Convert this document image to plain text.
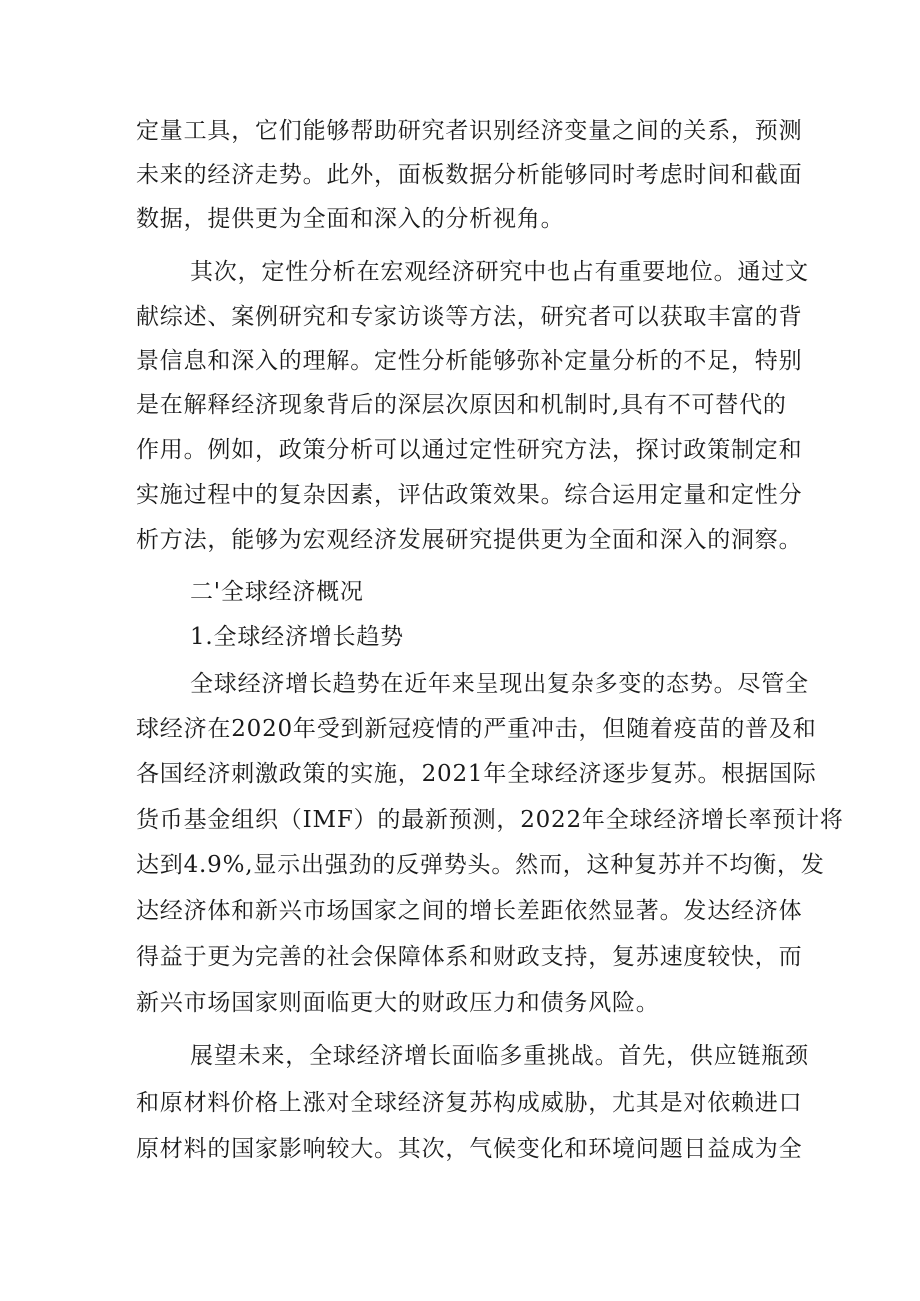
定量工具，它们能够帮助研究者识别经济变量之间的关系，预测
未来的经济走势。此外，面板数据分析能够同时考虑时间和截面
数据，提供更为全面和深入的分析视角。
其次，定性分析在宏观经济研究中也占有重要地位。通过文
献综述、案例研究和专家访谈等方法，研究者可以获取丰富的背
景信息和深入的理解。定性分析能够弥补定量分析的不足，特别
是在解释经济现象背后的深层次原因和机制时,具有不可替代的
作用。例如，政策分析可以通过定性研究方法，探讨政策制定和
实施过程中的复杂因素，评估政策效果。综合运用定量和定性分
析方法，能够为宏观经济发展研究提供更为全面和深入的洞察。
二'全球经济概况
1.全球经济增长趋势
全球经济增长趋势在近年来呈现出复杂多变的态势。尽管全
球经济在2020年受到新冠疫情的严重冲击，但随着疫苗的普及和
各国经济刺激政策的实施，2021年全球经济逐步复苏。根据国际
货币基金组织（IMF）的最新预测，2022年全球经济增长率预计将
达到4.9%,显示出强劲的反弹势头。然而，这种复苏并不均衡，发
达经济体和新兴市场国家之间的增长差距依然显著。发达经济体
得益于更为完善的社会保障体系和财政支持，复苏速度较快，而
新兴市场国家则面临更大的财政压力和债务风险。
展望未来，全球经济增长面临多重挑战。首先，供应链瓶颈
和原材料价格上涨对全球经济复苏构成威胁，尤其是对依赖进口
原材料的国家影响较大。其次，气候变化和环境问题日益成为全
